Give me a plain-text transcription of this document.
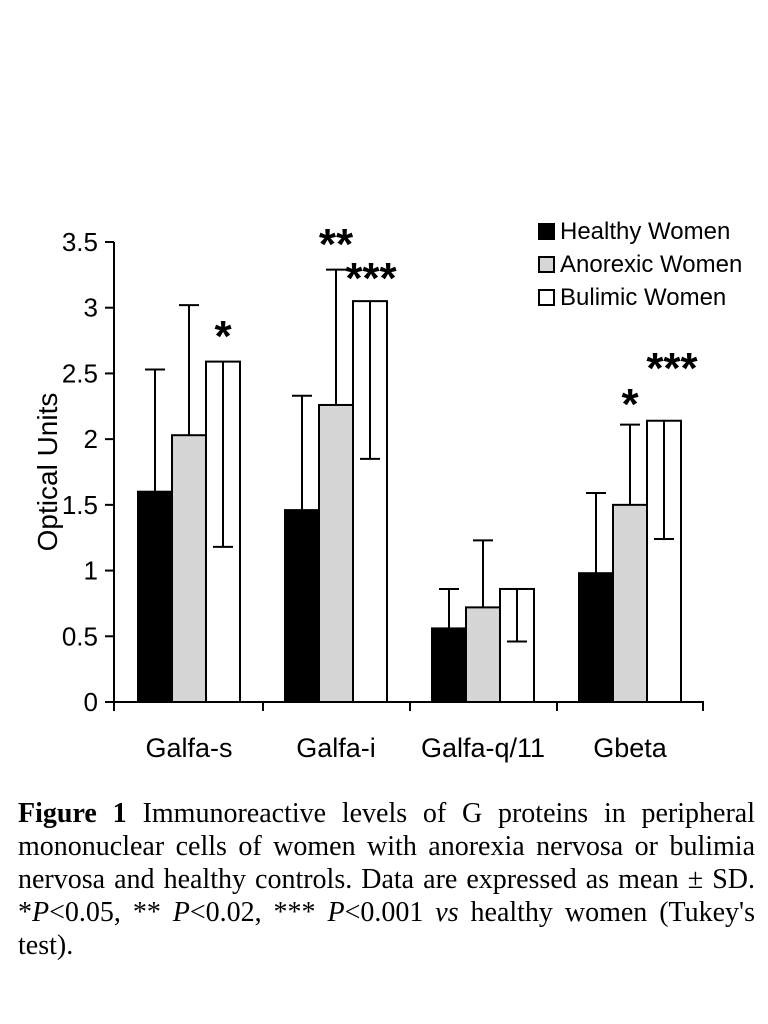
0
0.5
1
1.5
2
2.5
3
3.5
Galfa-s Galfa-i Galfa-q/11 Gbeta
Optical Units
Healthy Women
Anorexic Women
Bulimic Women
*
**
***
*
***

Figure 1 Immunoreactive levels of G proteins in peripheral mononuclear cells of women with anorexia nervosa or bulimia nervosa and healthy controls. Data are expressed as mean ± SD. *P<0.05, ** P<0.02, *** P<0.001 vs healthy women (Tukey's test).
